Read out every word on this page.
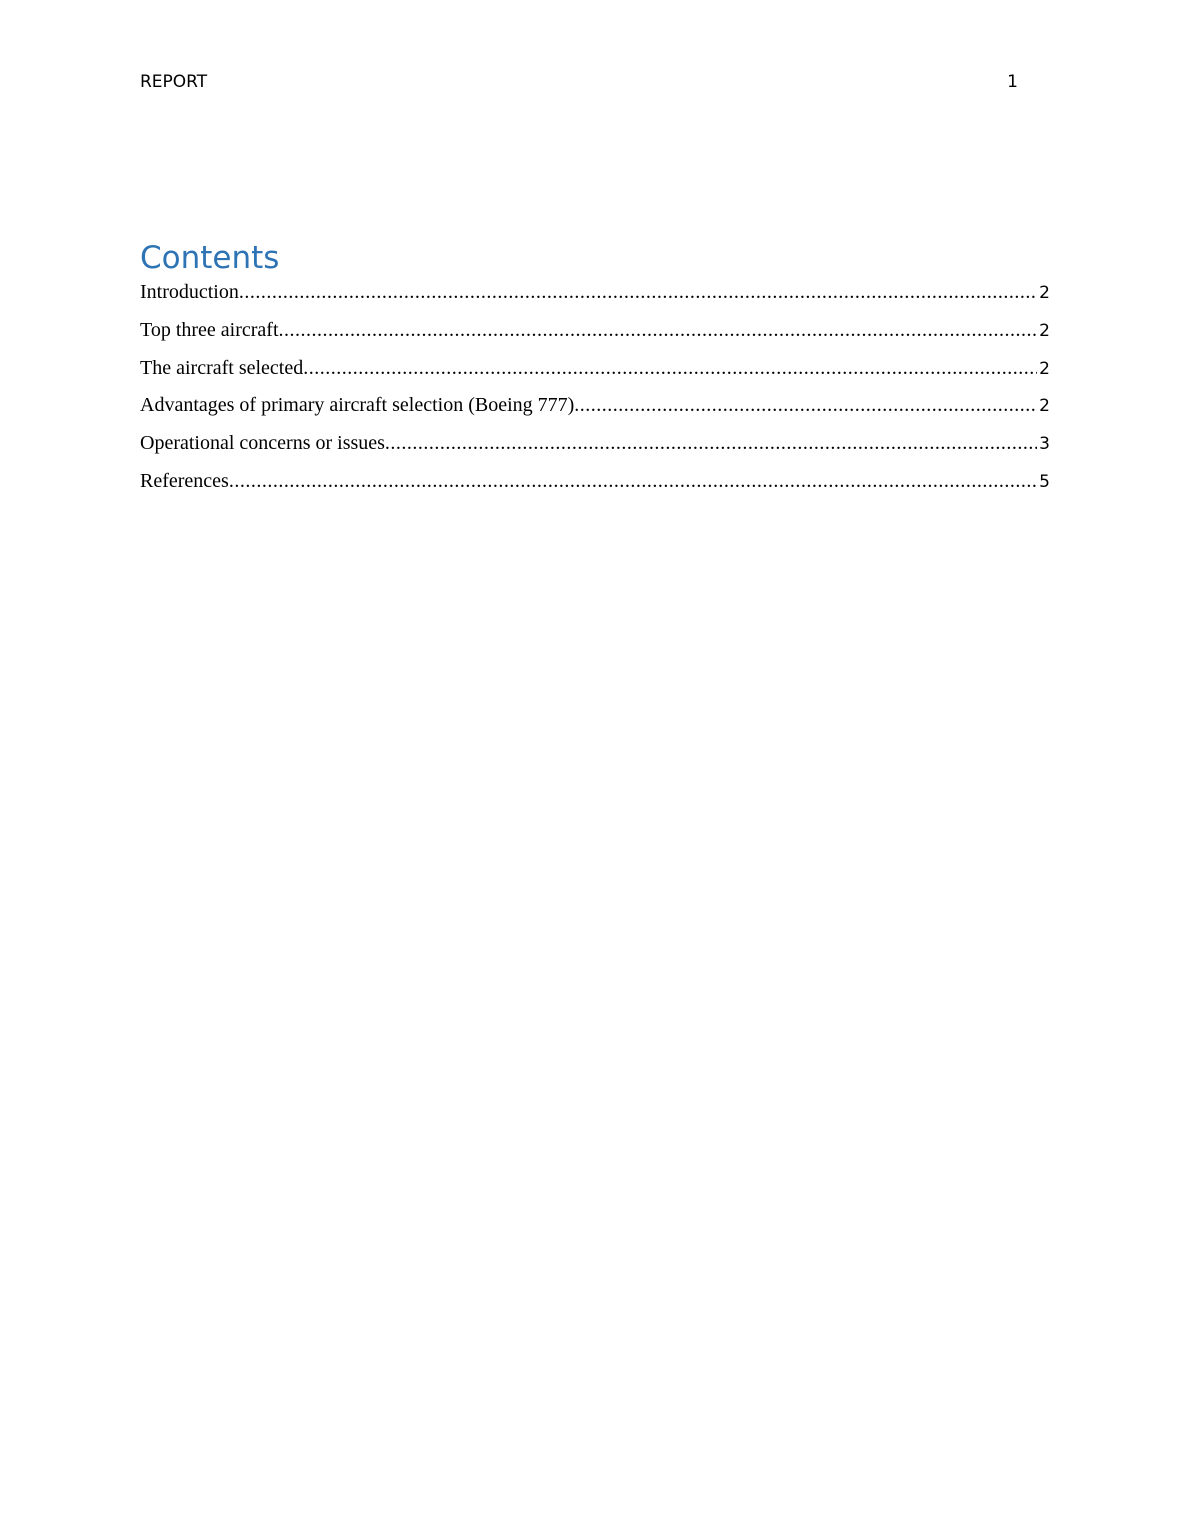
REPORT	1
Contents
Introduction .....	2
Top three aircraft .....	2
The aircraft selected .....	2
Advantages of primary aircraft selection (Boeing 777) .....	2
Operational concerns or issues .....	3
References .....	5
